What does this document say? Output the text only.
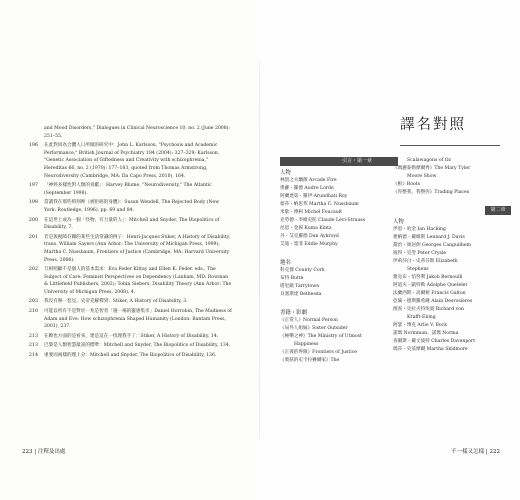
and Mood Disorders," Dialogues in Clinical Neuroscience 10, no. 2 (June 2008): 251–55.
196 在此對同為合體人口所做的研究中：John L. Karlsson, "Psychosis and Academic Performance," British Journal of Psychiatry 184 (2004): 327–329; Karlsson, "Genetic Association of Giftedness and Creativity with schizophrenia," Hereditas 66, no. 2 (1970): 177–183, quoted from Thomas Armstrong, Neurodiversity (Cambridge, MA: Da Capo Press, 2010), 164.
197 「神經多樣性對人類的貢獻」：Harvey Blume, "Neurodiversity," The Atlantic (September 1998).
198 當讀我在那些時刻裡《被拒絕的身體》：Susan Wendell, The Rejected Body (New York: Routledge, 1996), pp. 69 and 84.
200 在這世上成為一個「怪物、有力量的人」：Mitchell and Snyder, The Biopolitics of Disability, 7.
201 若是與視障有關的某些生活常識的例子：Henri-Jacques Stiker, A History of Disability, trans. William Sayers (Ann Arbor: The University of Michigan Press, 1999); Martha C. Nussbaum, Frontiers of Justice (Cambridge, MA: Harvard University Press, 2006).
202 互相照顧不是個人的基本需求：Eva Feder Kittay and Ellen K. Feder, eds., The Subject of Care: Feminist Perspectives on Dependency (Lanham, MD: Rowman & Littlefield Publishers, 2002); Tobin Siebers, Disability Theory (Ann Arbor: The University of Michigan Press, 2008), 4.
203 我沒有辦一套見、史帝克解釋到：Stiker, A History of Disability, 3.
210 可能以所有不是對於一兆是智者「遇一場的靈感集市」Daniel Horrobin, The Madness of Adam and Eve: How schizophrenia Shaped Humanity (London: Bantam Press, 2001), 237.
213 在瞭也方面的是看來，建是這在一找理我手了：Stiker, A History of Disability, 14.
213 巴黎是人類智慧最誤的標準：Mitchell and Snyder, The Biopolitics of Disability, 134.
214 重要而兩樣的理上分：Mitchell and Snyder, The Biopolitics of Disability, 136.
223 | 注釋及出處
譯名對照
引言・第一章
人物
林賀之夫蘭薇 Arcade Fire
奧蘿・羅德 Audre Lorde
阿蘭達第・羅伊 Arundhati Roy
蔡莎・納思邦 Martha C. Nussbaum
米歇・傅柯 Michel Foucault
克勞德・李維史陀 Claude Lévi-Strauss
昆恩・金揚 Kuma Kintz
丹・艾克羅德 Dan Aykroyd
艾迪・墨菲 Eddie Murphy
地名
科克郡 County Cork
布特 Butte
塔里鎮 Tarrytown
貝塞斯達 Bethesda
書籍・影劇
《正常人》Normal Person
《局外人姐妹》Sister Outsider
《極樂之神》The Ministry of Utmost
Happiness
《正義的界限》Frontiers of Justice
《奧茲的史卡拉賽爾家》The
Scalawagons of Oz
《瑪麗泰勒摩爾秀》The Mary Tyler
Moore Show
《根》Roots
《你整我，我整你》Trading Places
第二章
人物
伊恩・哈金 Ian Hacking
連納德・戴維斯 Lennard J. Davis
喬治・岡居朗 Georges Canguilhem
彼得・克勞 Peter Crysle
伊莉莎白・史蒂芬斯 Elizabeth
Stephens
雅克布・伯努利 Jakob Bernoulli
阿道夫・凱特勒 Adolphe Quetelet
法蘭西斯・高爾頓 Francis Galton
亞倫・德斯羅希爾 Alain Desrosières
理查・克拉夫特埃賓 Richard von
Krafft-Ebing
阿瑟・博克 Arlie V. Bock
諾瑪 Normman、諾瑪 Norma
查爾斯・戴文波特 Charles Davenport
瑪莎・史基摩爾 Martha Skidmore
不一樣又怎樣 | 222
